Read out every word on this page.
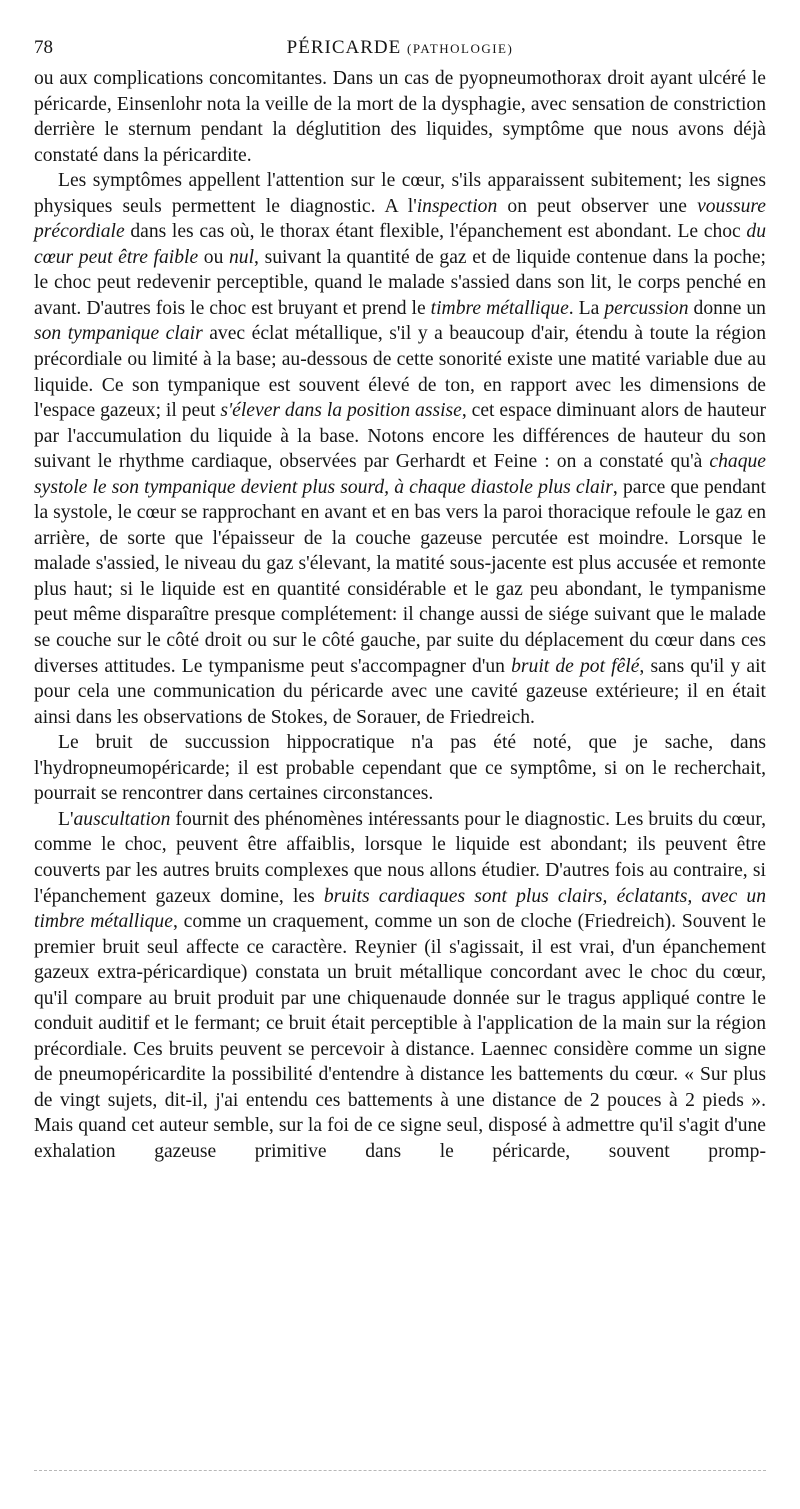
78	PÉRICARDE (PATHOLOGIE)

ou aux complications concomitantes. Dans un cas de pyopneumothorax droit ayant ulcéré le péricarde, Einsenlohr nota la veille de la mort de la dysphagie, avec sensation de constriction derrière le sternum pendant la déglutition des liquides, symptôme que nous avons déjà constaté dans la péricardite.

Les symptômes appellent l'attention sur le cœur, s'ils apparaissent subitement; les signes physiques seuls permettent le diagnostic. A l'inspection on peut observer une voussure précordiale dans les cas où, le thorax étant flexible, l'épanchement est abondant. Le choc du cœur peut être faible ou nul, suivant la quantité de gaz et de liquide contenue dans la poche; le choc peut redevenir perceptible, quand le malade s'assied dans son lit, le corps penché en avant. D'autres fois le choc est bruyant et prend le timbre métallique. La percussion donne un son tympanique clair avec éclat métallique, s'il y a beaucoup d'air, étendu à toute la région précordiale ou limité à la base; au-dessous de cette sonorité existe une matité variable due au liquide. Ce son tympanique est souvent élevé de ton, en rapport avec les dimensions de l'espace gazeux; il peut s'élever dans la position assise, cet espace diminuant alors de hauteur par l'accumulation du liquide à la base. Notons encore les différences de hauteur du son suivant le rhythme cardiaque, observées par Gerhardt et Feine : on a constaté qu'à chaque systole le son tympanique devient plus sourd, à chaque diastole plus clair, parce que pendant la systole, le cœur se rapprochant en avant et en bas vers la paroi thoracique refoule le gaz en arrière, de sorte que l'épaisseur de la couche gazeuse percutée est moindre. Lorsque le malade s'assied, le niveau du gaz s'élevant, la matité sous-jacente est plus accusée et remonte plus haut; si le liquide est en quantité considérable et le gaz peu abondant, le tympanisme peut même disparaître presque complétement: il change aussi de siége suivant que le malade se couche sur le côté droit ou sur le côté gauche, par suite du déplacement du cœur dans ces diverses attitudes. Le tympanisme peut s'accompagner d'un bruit de pot fêlé, sans qu'il y ait pour cela une communication du péricarde avec une cavité gazeuse extérieure; il en était ainsi dans les observations de Stokes, de Sorauer, de Friedreich.

Le bruit de succussion hippocratique n'a pas été noté, que je sache, dans l'hydropneumopéricarde; il est probable cependant que ce symptôme, si on le recherchait, pourrait se rencontrer dans certaines circonstances.

L'auscultation fournit des phénomènes intéressants pour le diagnostic. Les bruits du cœur, comme le choc, peuvent être affaiblis, lorsque le liquide est abondant; ils peuvent être couverts par les autres bruits complexes que nous allons étudier. D'autres fois au contraire, si l'épanchement gazeux domine, les bruits cardiaques sont plus clairs, éclatants, avec un timbre métallique, comme un craquement, comme un son de cloche (Friedreich). Souvent le premier bruit seul affecte ce caractère. Reynier (il s'agissait, il est vrai, d'un épanchement gazeux extra-péricardique) constata un bruit métallique concordant avec le choc du cœur, qu'il compare au bruit produit par une chiquenaude donnée sur le tragus appliqué contre le conduit auditif et le fermant; ce bruit était perceptible à l'application de la main sur la région précordiale. Ces bruits peuvent se percevoir à distance. Laennec considère comme un signe de pneumopéricardite la possibilité d'entendre à distance les battements du cœur. « Sur plus de vingt sujets, dit-il, j'ai entendu ces battements à une distance de 2 pouces à 2 pieds ». Mais quand cet auteur semble, sur la foi de ce signe seul, disposé à admettre qu'il s'agit d'une exhalation gazeuse primitive dans le péricarde, souvent promp-
